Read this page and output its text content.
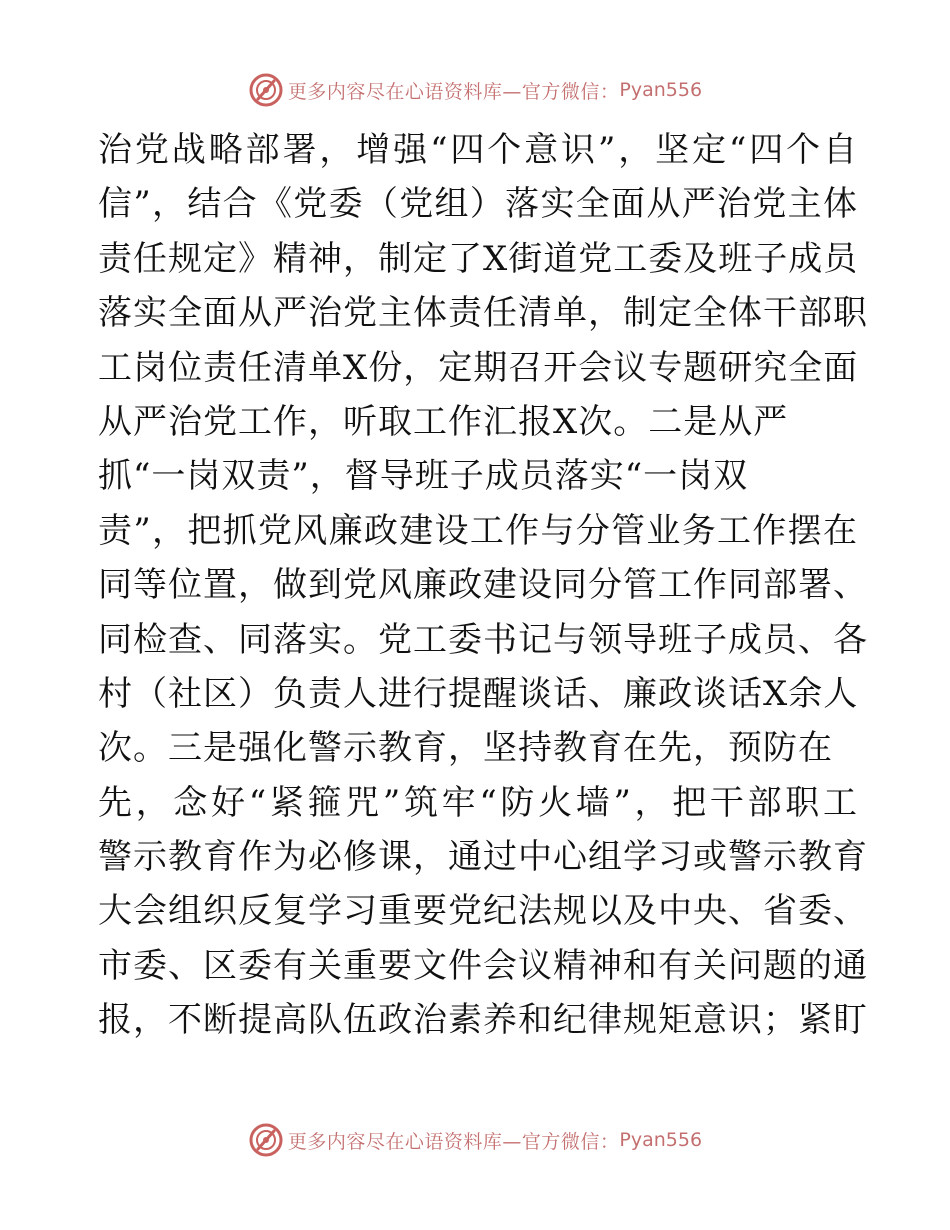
更多内容尽在心语资料库—官方微信： Pyan556
治党战略部署，增强“四个意识”，坚定“四个自
信”，结合《党委（党组）落实全面从严治党主体
责任规定》精神，制定了X街道党工委及班子成员
落实全面从严治党主体责任清单，制定全体干部职
工岗位责任清单X份，定期召开会议专题研究全面
从严治党工作，听取工作汇报X次。二是从严
抓“一岗双责”，督导班子成员落实“一岗双
责”，把抓党风廉政建设工作与分管业务工作摆在
同等位置，做到党风廉政建设同分管工作同部署、
同检查、同落实。党工委书记与领导班子成员、各
村（社区）负责人进行提醒谈话、廉政谈话X余人
次。三是强化警示教育，坚持教育在先，预防在
先，念好“紧箍咒”筑牢“防火墙”，把干部职工
警示教育作为必修课，通过中心组学习或警示教育
大会组织反复学习重要党纪法规以及中央、省委、
市委、区委有关重要文件会议精神和有关问题的通
报，不断提高队伍政治素养和纪律规矩意识；紧盯
更多内容尽在心语资料库—官方微信： Pyan556
